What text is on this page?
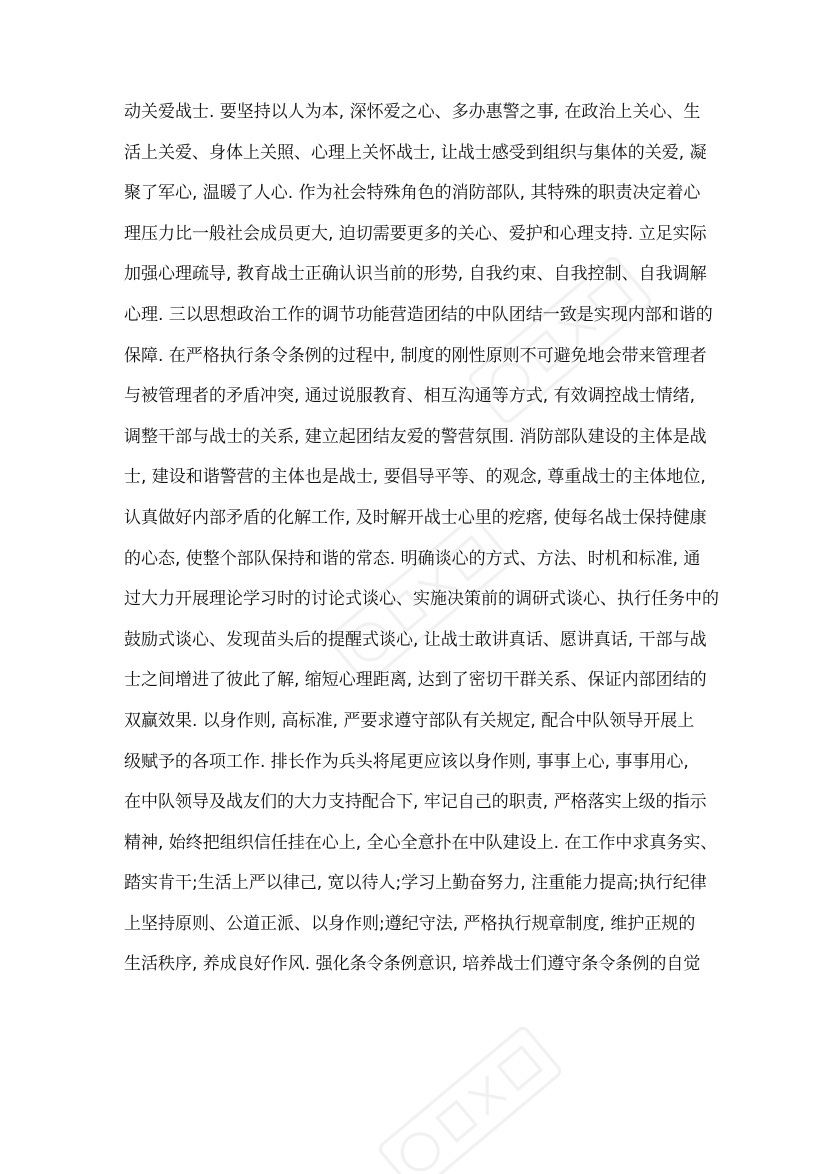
动关爱战士. 要坚持以人为本, 深怀爱之心、多办惠警之事, 在政治上关心、生
活上关爱、身体上关照、心理上关怀战士, 让战士感受到组织与集体的关爱, 凝
聚了军心, 温暖了人心. 作为社会特殊角色的消防部队, 其特殊的职责决定着心
理压力比一般社会成员更大, 迫切需要更多的关心、爱护和心理支持. 立足实际
加强心理疏导, 教育战士正确认识当前的形势, 自我约束、自我控制、自我调解
心理. 三以思想政治工作的调节功能营造团结的中队团结一致是实现内部和谐的
保障. 在严格执行条令条例的过程中, 制度的刚性原则不可避免地会带来管理者
与被管理者的矛盾冲突, 通过说服教育、相互沟通等方式, 有效调控战士情绪,
调整干部与战士的关系, 建立起团结友爱的警营氛围. 消防部队建设的主体是战
士, 建设和谐警营的主体也是战士, 要倡导平等、的观念, 尊重战士的主体地位,
认真做好内部矛盾的化解工作, 及时解开战士心里的疙瘩, 使每名战士保持健康
的心态, 使整个部队保持和谐的常态. 明确谈心的方式、方法、时机和标准, 通
过大力开展理论学习时的讨论式谈心、实施决策前的调研式谈心、执行任务中的
鼓励式谈心、发现苗头后的提醒式谈心, 让战士敢讲真话、愿讲真话, 干部与战
士之间增进了彼此了解, 缩短心理距离, 达到了密切干群关系、保证内部团结的
双赢效果. 以身作则, 高标准, 严要求遵守部队有关规定, 配合中队领导开展上
级赋予的各项工作. 排长作为兵头将尾更应该以身作则, 事事上心, 事事用心,
在中队领导及战友们的大力支持配合下, 牢记自己的职责, 严格落实上级的指示
精神, 始终把组织信任挂在心上, 全心全意扑在中队建设上. 在工作中求真务实、
踏实肯干;生活上严以律己, 宽以待人;学习上勤奋努力, 注重能力提高;执行纪律
上坚持原则、公道正派、以身作则;遵纪守法, 严格执行规章制度, 维护正规的
生活秩序, 养成良好作风. 强化条令条例意识, 培养战士们遵守条令条例的自觉
